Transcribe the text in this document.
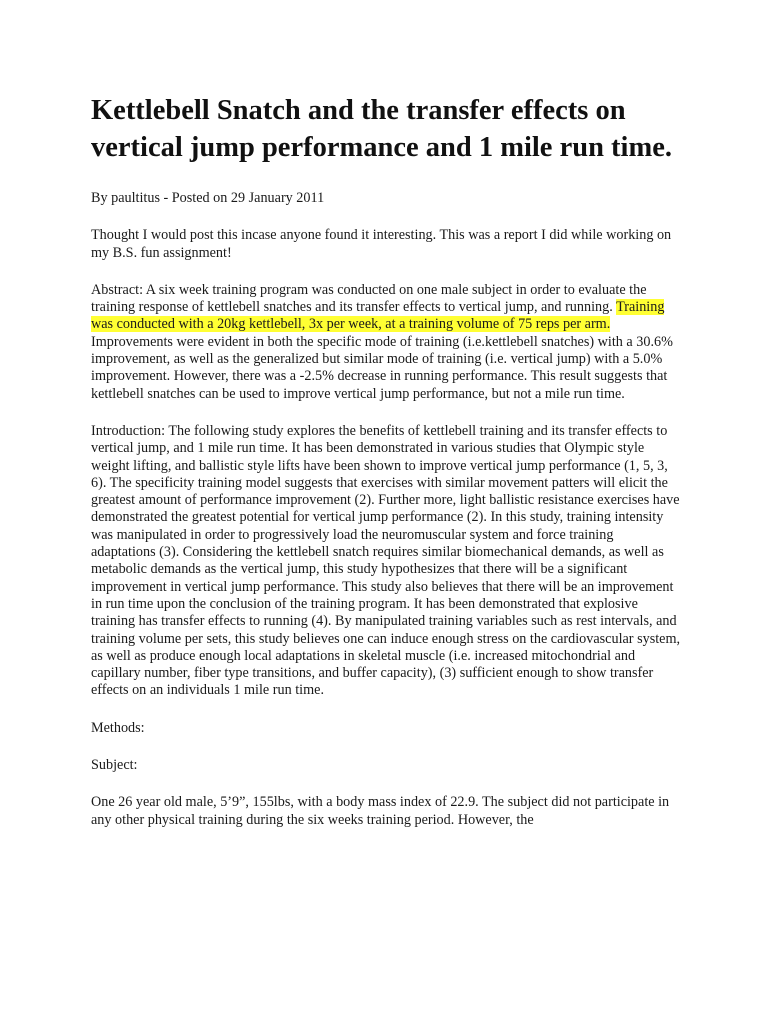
Kettlebell Snatch and the transfer effects on vertical jump performance and 1 mile run time.

By paultitus - Posted on 29 January 2011

Thought I would post this incase anyone found it interesting. This was a report I did while working on my B.S. fun assignment!

Abstract: A six week training program was conducted on one male subject in order to evaluate the training response of kettlebell snatches and its transfer effects to vertical jump, and running. Training was conducted with a 20kg kettlebell, 3x per week, at a training volume of 75 reps per arm. Improvements were evident in both the specific mode of training (i.e.kettlebell snatches) with a 30.6% improvement, as well as the generalized but similar mode of training (i.e. vertical jump) with a 5.0% improvement. However, there was a -2.5% decrease in running performance. This result suggests that kettlebell snatches can be used to improve vertical jump performance, but not a mile run time.

Introduction: The following study explores the benefits of kettlebell training and its transfer effects to vertical jump, and 1 mile run time. It has been demonstrated in various studies that Olympic style weight lifting, and ballistic style lifts have been shown to improve vertical jump performance (1, 5, 3, 6). The specificity training model suggests that exercises with similar movement patters will elicit the greatest amount of performance improvement (2). Further more, light ballistic resistance exercises have demonstrated the greatest potential for vertical jump performance (2). In this study, training intensity was manipulated in order to progressively load the neuromuscular system and force training adaptations (3). Considering the kettlebell snatch requires similar biomechanical demands, as well as metabolic demands as the vertical jump, this study hypothesizes that there will be a significant improvement in vertical jump performance. This study also believes that there will be an improvement in run time upon the conclusion of the training program. It has been demonstrated that explosive training has transfer effects to running (4). By manipulated training variables such as rest intervals, and training volume per sets, this study believes one can induce enough stress on the cardiovascular system, as well as produce enough local adaptations in skeletal muscle (i.e. increased mitochondrial and capillary number, fiber type transitions, and buffer capacity), (3) sufficient enough to show transfer effects on an individuals 1 mile run time.

Methods:

Subject:

One 26 year old male, 5’9”, 155lbs, with a body mass index of 22.9. The subject did not participate in any other physical training during the six weeks training period. However, the
